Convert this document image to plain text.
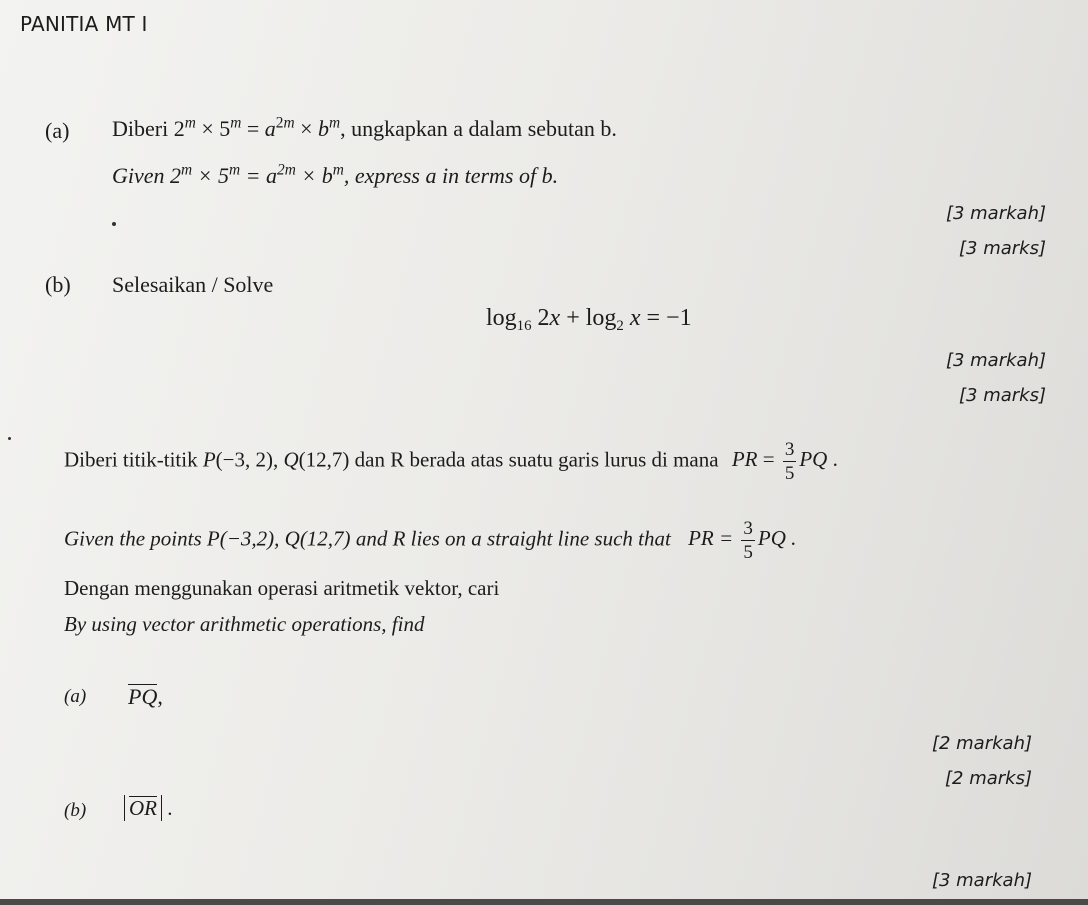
PANITIA MT I
(a) Diberi $2^m \times 5^m = a^{2m} \times b^m$, ungkapkan a dalam sebutan b.
Given $2^m \times 5^m = a^{2m} \times b^m$, express a in terms of b.
[3 markah]
[3 marks]
(b) Selesaikan / Solve
$\log_{16} 2x + \log_2 x = -1$
[3 markah]
[3 marks]
Diberi titik-titik P(−3, 2), Q(12,7) dan R berada atas suatu garis lurus di mana PR = $\frac{3}{5}$ PQ .
Given the points P(−3,2), Q(12,7) and R lies on a straight line such that PR = $\frac{3}{5}$ PQ .
Dengan menggunakan operasi aritmetik vektor, cari
By using vector arithmetic operations, find
(a) PQ,
[2 markah]
[2 marks]
(b) OR .
[3 markah]
